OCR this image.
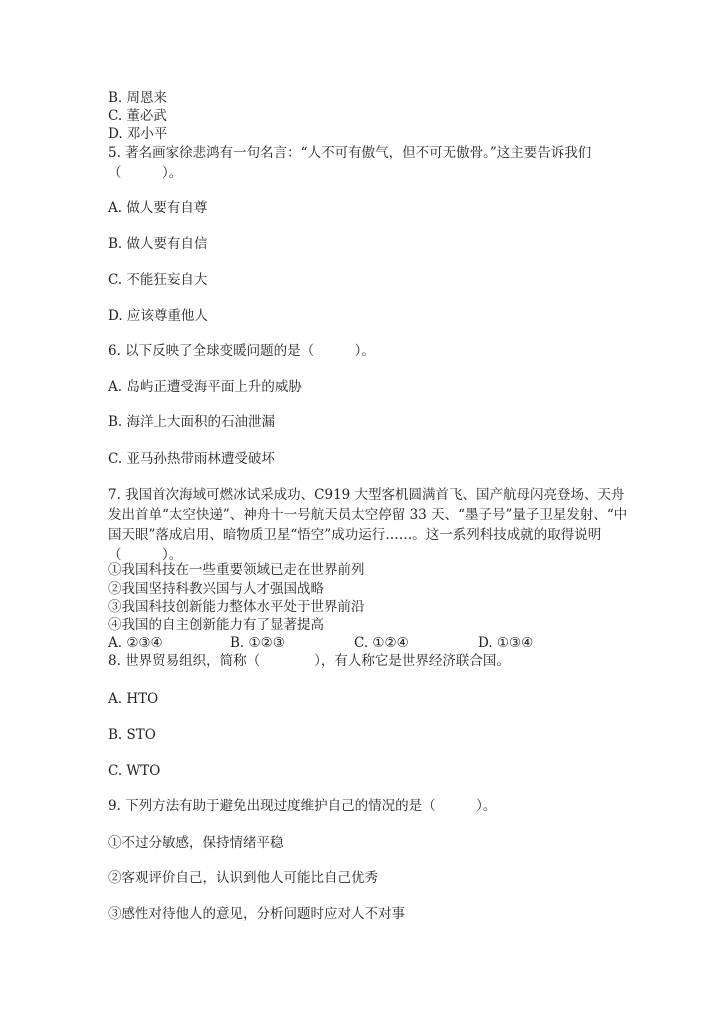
B. 周恩来
C. 董必武
D. 邓小平
5. 著名画家徐悲鸿有一句名言：“人不可有傲气，但不可无傲骨。”这主要告诉我们（　　　）。
A. 做人要有自尊
B. 做人要有自信
C. 不能狂妄自大
D. 应该尊重他人
6. 以下反映了全球变暖问题的是（　　　）。
A. 岛屿正遭受海平面上升的威胁
B. 海洋上大面积的石油泄漏
C. 亚马孙热带雨林遭受破坏
7. 我国首次海域可燃冰试采成功、C919 大型客机圆满首飞、国产航母闪亮登场、天舟发出首单“太空快递”、神舟十一号航天员太空停留 33 天、“墨子号”量子卫星发射、“中国天眼”落成启用、暗物质卫星“悟空”成功运行……。这一系列科技成就的取得说明（　　　）。
①我国科技在一些重要领域已走在世界前列
②我国坚持科教兴国与人才强国战略
③我国科技创新能力整体水平处于世界前沿
④我国的自主创新能力有了显著提高
A. ②③④	B. ①②③	C. ①②④	D. ①③④
8. 世界贸易组织，简称（　　　　），有人称它是世界经济联合国。
A. HTO
B. STO
C. WTO
9. 下列方法有助于避免出现过度维护自己的情况的是（　　　）。
①不过分敏感，保持情绪平稳
②客观评价自己，认识到他人可能比自己优秀
③感性对待他人的意见，分析问题时应对人不对事
